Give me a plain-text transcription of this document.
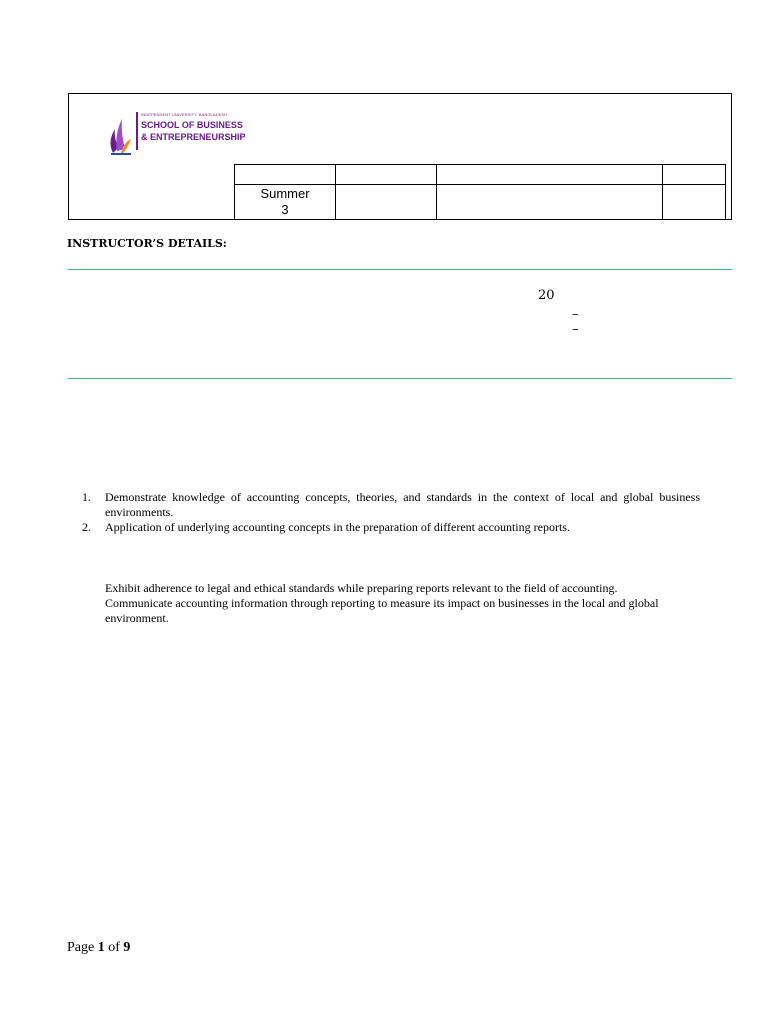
INDEPENDENT UNIVERSITY, BANGLADESH
SCHOOL OF BUSINESS
& ENTREPRENEURSHIP

Summer
3			

INSTRUCTOR’S DETAILS:
20
–
–
1. Demonstrate knowledge of accounting concepts, theories, and standards in the context of local and global business environments.
2. Application of underlying accounting concepts in the preparation of different accounting reports.
Exhibit adherence to legal and ethical standards while preparing reports relevant to the field of accounting.
Communicate accounting information through reporting to measure its impact on businesses in the local and global environment.
Page 1 of 9
